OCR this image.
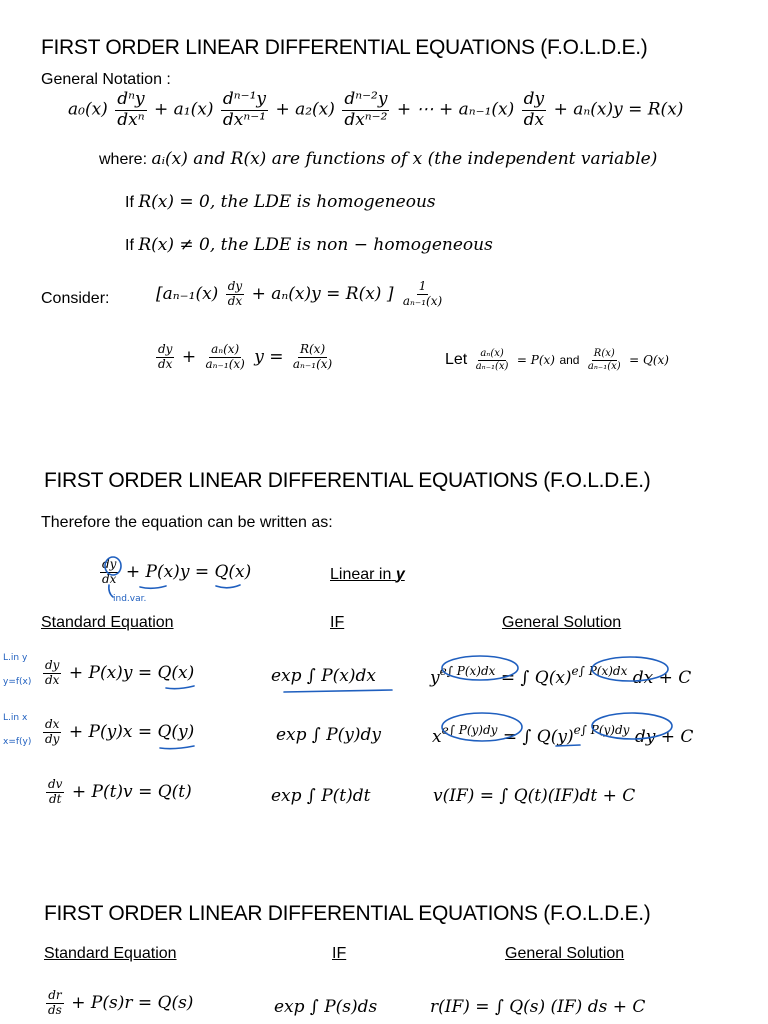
FIRST ORDER LINEAR DIFFERENTIAL EQUATIONS (F.O.L.D.E.)
General Notation :
$a_0(x) \frac{\text{dⁿy}}{\text{dxⁿ}} + a_1(x) \frac{\text{dⁿ⁻¹y}}{\text{dxⁿ⁻¹}} + a_2(x) \frac{\text{dⁿ⁻²y}}{\text{dxⁿ⁻²}}$ + ⋯ + $a_{n-1}(x) \frac{dy}{dx} + a_n(x)y = R(x)$
where: aᵢ(x) and R(x) are functions of x (the independent variable)
If R(x) = 0, the LDE is homogeneous
If R(x) ≠ 0, the LDE is non − homogeneous
Consider:	[$a_{n-1}(x) \frac{dy}{dx} + a_n(x)y = R(x)$ ] $\frac{1}{\text{aₙ₋₁(x)}}$
$\frac{dy}{dx} + \frac{\text{aₙ(x)}}{\text{aₙ₋₁(x)}}$ $y = \frac{R(x)}{\text{aₙ₋₁(x)}}$	Let $\frac{\text{aₙ(x)}}{\text{aₙ₋₁(x)}} = P(x)$ and $\frac{R(x)}{\text{aₙ₋₁(x)}} = Q(x)$
FIRST ORDER LINEAR DIFFERENTIAL EQUATIONS (F.O.L.D.E.)
Therefore the equation can be written as:
$\frac{dy}{dx} + P(x)y = Q(x)$
ind.var.
Linear in y
Standard Equation	IF	General Solution
L.in y
$y=f(x) \frac{dy}{dx} + P(x)y = Q(x)$	exp ∫ P(x)dx	$y^{e\int P(x)dx}$ = ∫ $Q(x)^{e\int P(x)dx}$ dx + C
L.in x
$x=f(y) \frac{dx}{dy} + P(y)x = Q(y)$	exp ∫ P(y)dy	$x^{e\int P(y)dy}$ = ∫ $Q(y)^{e\int P(y)dy}$ dy + C
$\frac{dv}{dt} + P(t)v = Q(t)$	exp ∫ P(t)dt	v(IF) = ∫ Q(t)(IF)dt + C
FIRST ORDER LINEAR DIFFERENTIAL EQUATIONS (F.O.L.D.E.)
Standard Equation	IF	General Solution
$\frac{dr}{ds} + P(s)r = Q(s)$	exp ∫ P(s)ds	r(IF) = ∫ Q(s) (IF) ds + C
